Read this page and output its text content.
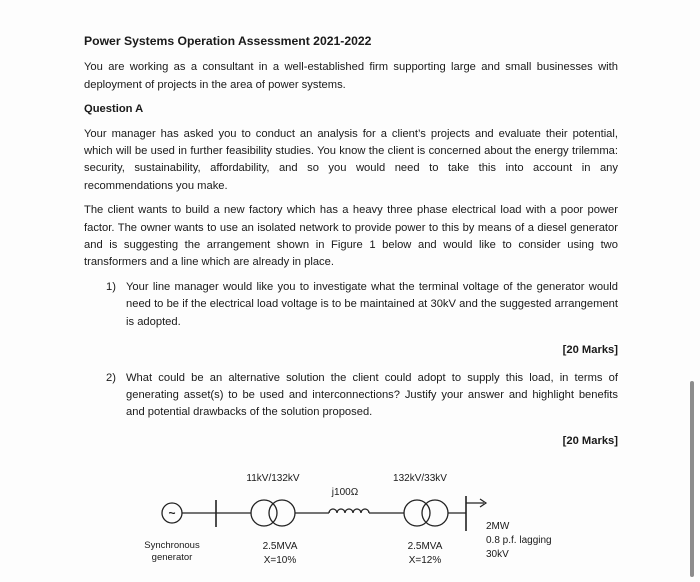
Power Systems Operation Assessment 2021-2022

You are working as a consultant in a well-established firm supporting large and small businesses with deployment of projects in the area of power systems.

Question A

Your manager has asked you to conduct an analysis for a client’s projects and evaluate their potential, which will be used in further feasibility studies. You know the client is concerned about the energy trilemma: security, sustainability, affordability, and so you would need to take this into account in any recommendations you make.

The client wants to build a new factory which has a heavy three phase electrical load with a poor power factor. The owner wants to use an isolated network to provide power to this by means of a diesel generator and is suggesting the arrangement shown in Figure 1 below and would like to consider using two transformers and a line which are already in place.

1) Your line manager would like you to investigate what the terminal voltage of the generator would need to be if the electrical load voltage is to be maintained at 30kV and the suggested arrangement is adopted.

[20 Marks]

2) What could be an alternative solution the client could adopt to supply this load, in terms of generating asset(s) to be used and interconnections? Justify your answer and highlight benefits and potential drawbacks of the solution proposed.

[20 Marks]

~
Synchronous
generator
11kV/132kV
2.5MVA
X=10%
j100Ω
132kV/33kV
2.5MVA
X=12%
2MW
0.8 p.f. lagging
30kV
